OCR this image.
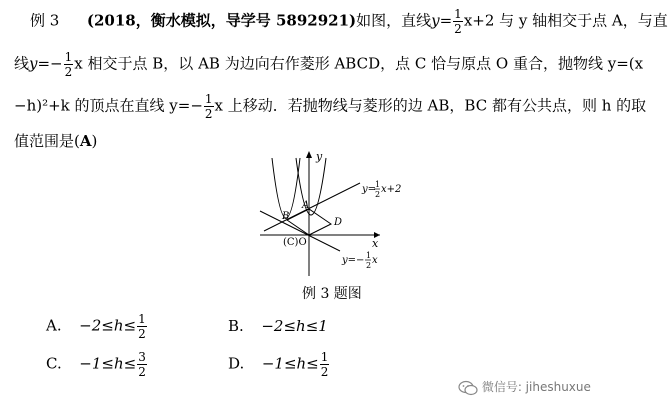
例 3 (2018，衡水模拟，导学号 5892921)如图，直线$y= \frac{1}{2} x+2$ 与 y 轴相交于点 A，与直
线$y=- \frac{1}{2}$ x 相交于点 B，以 AB 为边向右作菱形 ABCD，点 C 恰与原点 O 重合，抛物线 y=(x
−h)²+k 的顶点在直线 $y=- \frac{1}{2}$ x 上移动．若抛物线与菱形的边 AB，BC 都有公共点，则 h 的取
值范围是(A)
y
x
A
B
D
(C)O
y=
1
2 x+2
y=− 1
2 x
例 3 题图
A. $-2\le h\le \frac{1}{2}$	B. −2≤h≤1
C. $-1\le h\le \frac{3}{2}$	D. $-1\le h\le \frac{1}{2}$
微信号: jiheshuxue
